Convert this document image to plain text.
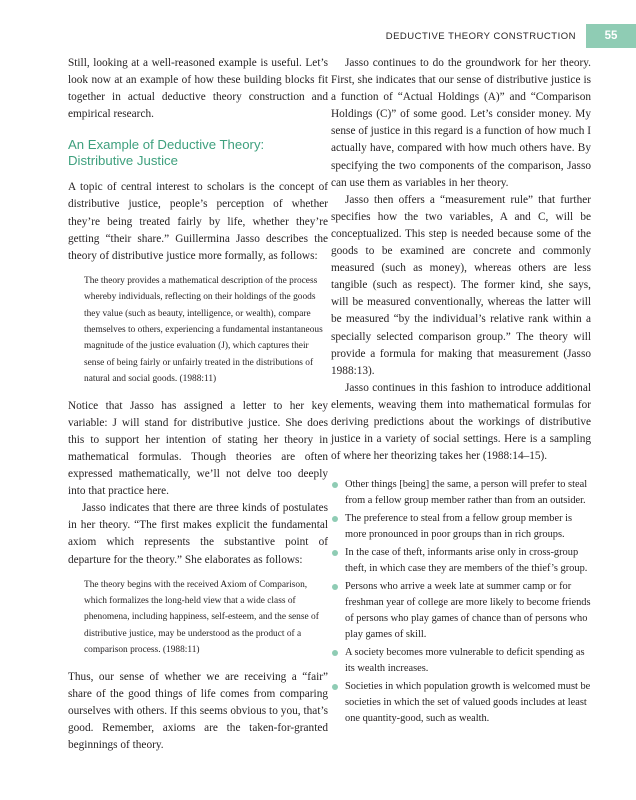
DEDUCTIVE THEORY CONSTRUCTION	55

Still, looking at a well-reasoned example is useful. Let’s look now at an example of how these building blocks fit together in actual deductive theory construction and empirical research.

An Example of Deductive Theory: Distributive Justice

A topic of central interest to scholars is the concept of distributive justice, people’s perception of whether they’re being treated fairly by life, whether they’re getting “their share.” Guillermina Jasso describes the theory of distributive justice more formally, as follows:

The theory provides a mathematical description of the process whereby individuals, reflecting on their holdings of the goods they value (such as beauty, intelligence, or wealth), compare themselves to others, experiencing a fundamental instantaneous magnitude of the justice evaluation (J), which captures their sense of being fairly or unfairly treated in the distributions of natural and social goods. (1988:11)

Notice that Jasso has assigned a letter to her key variable: J will stand for distributive justice. She does this to support her intention of stating her theory in mathematical formulas. Though theories are often expressed mathematically, we’ll not delve too deeply into that practice here.

Jasso indicates that there are three kinds of postulates in her theory. “The first makes explicit the fundamental axiom which represents the substantive point of departure for the theory.” She elaborates as follows:

The theory begins with the received Axiom of Comparison, which formalizes the long-held view that a wide class of phenomena, including happiness, self-esteem, and the sense of distributive justice, may be understood as the product of a comparison process. (1988:11)

Thus, our sense of whether we are receiving a “fair” share of the good things of life comes from comparing ourselves with others. If this seems obvious to you, that’s good. Remember, axioms are the taken-for-granted beginnings of theory.

Jasso continues to do the groundwork for her theory. First, she indicates that our sense of distributive justice is a function of “Actual Holdings (A)” and “Comparison Holdings (C)” of some good. Let’s consider money. My sense of justice in this regard is a function of how much I actually have, compared with how much others have. By specifying the two components of the comparison, Jasso can use them as variables in her theory.

Jasso then offers a “measurement rule” that further specifies how the two variables, A and C, will be conceptualized. This step is needed because some of the goods to be examined are concrete and commonly measured (such as money), whereas others are less tangible (such as respect). The former kind, she says, will be measured conventionally, whereas the latter will be measured “by the individual’s relative rank within a specially selected comparison group.” The theory will provide a formula for making that measurement (Jasso 1988:13).

Jasso continues in this fashion to introduce additional elements, weaving them into mathematical formulas for deriving predictions about the workings of distributive justice in a variety of social settings. Here is a sampling of where her theorizing takes her (1988:14–15).

Other things [being] the same, a person will prefer to steal from a fellow group member rather than from an outsider.
The preference to steal from a fellow group member is more pronounced in poor groups than in rich groups.
In the case of theft, informants arise only in cross-group theft, in which case they are members of the thief’s group.
Persons who arrive a week late at summer camp or for freshman year of college are more likely to become friends of persons who play games of chance than of persons who play games of skill.
A society becomes more vulnerable to deficit spending as its wealth increases.
Societies in which population growth is welcomed must be societies in which the set of valued goods includes at least one quantity-good, such as wealth.
